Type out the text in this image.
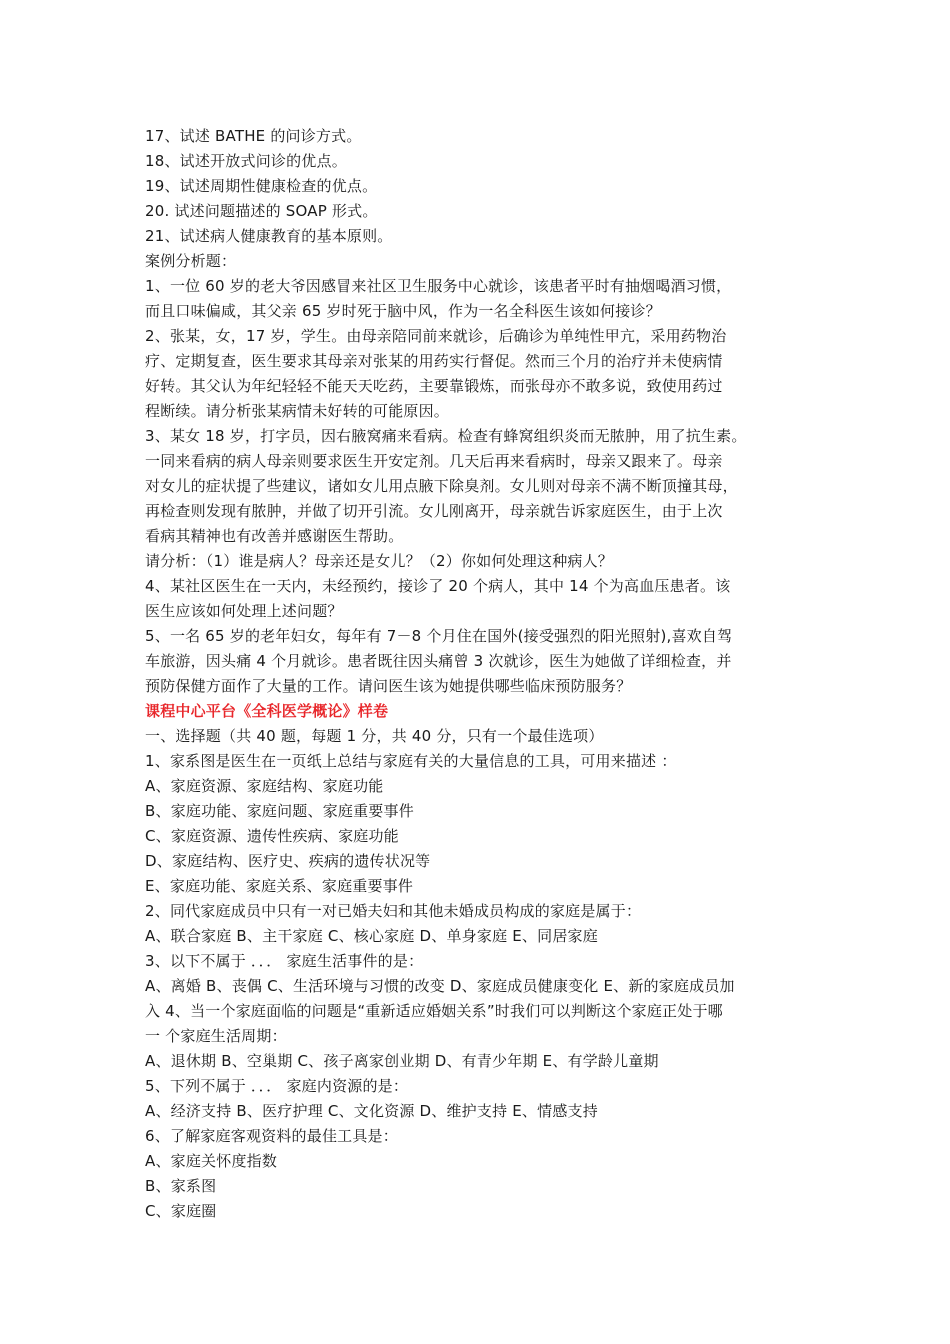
17、试述 BATHE 的问诊方式。
18、试述开放式问诊的优点。
19、试述周期性健康检查的优点。
20. 试述问题描述的 SOAP 形式。
21、试述病人健康教育的基本原则。
案例分析题：
1、一位 60 岁的老大爷因感冒来社区卫生服务中心就诊，该患者平时有抽烟喝酒习惯，
而且口味偏咸，其父亲 65 岁时死于脑中风，作为一名全科医生该如何接诊？
2、张某，女，17 岁，学生。由母亲陪同前来就诊，后确诊为单纯性甲亢，采用药物治
疗、定期复查，医生要求其母亲对张某的用药实行督促。然而三个月的治疗并未使病情
好转。其父认为年纪轻轻不能天天吃药，主要靠锻炼，而张母亦不敢多说，致使用药过
程断续。请分析张某病情未好转的可能原因。
3、某女 18 岁，打字员，因右腋窝痛来看病。检查有蜂窝组织炎而无脓肿，用了抗生素。
一同来看病的病人母亲则要求医生开安定剂。几天后再来看病时，母亲又跟来了。母亲
对女儿的症状提了些建议，诸如女儿用点腋下除臭剂。女儿则对母亲不满不断顶撞其母，
再检查则发现有脓肿，并做了切开引流。女儿刚离开，母亲就告诉家庭医生，由于上次
看病其精神也有改善并感谢医生帮助。
请分析：（1）谁是病人？母亲还是女儿？（2）你如何处理这种病人？
4、某社区医生在一天内，未经预约，接诊了 20 个病人，其中 14 个为高血压患者。该
医生应该如何处理上述问题？
5、一名 65 岁的老年妇女，每年有 7－8 个月住在国外(接受强烈的阳光照射),喜欢自驾
车旅游，因头痛 4 个月就诊。患者既往因头痛曾 3 次就诊，医生为她做了详细检查，并
预防保健方面作了大量的工作。请问医生该为她提供哪些临床预防服务？
课程中心平台《全科医学概论》样卷
一、选择题（共 40 题，每题 1 分，共 40 分，只有一个最佳选项）
1、家系图是医生在一页纸上总结与家庭有关的大量信息的工具，可用来描述 ：
A、家庭资源、家庭结构、家庭功能
B、家庭功能、家庭问题、家庭重要事件
C、家庭资源、遗传性疾病、家庭功能
D、家庭结构、医疗史、疾病的遗传状况等
E、家庭功能、家庭关系、家庭重要事件
2、同代家庭成员中只有一对已婚夫妇和其他未婚成员构成的家庭是属于：
A、联合家庭 B、主干家庭 C、核心家庭 D、单身家庭 E、同居家庭
3、以下不属于 ．．． 家庭生活事件的是：
A、离婚 B、丧偶 C、生活环境与习惯的改变 D、家庭成员健康变化 E、新的家庭成员加
入 4、当一个家庭面临的问题是“重新适应婚姻关系”时我们可以判断这个家庭正处于哪
一 个家庭生活周期：
A、退休期 B、空巢期 C、孩子离家创业期 D、有青少年期 E、有学龄儿童期
5、下列不属于 ．．． 家庭内资源的是：
A、经济支持 B、医疗护理 C、文化资源 D、维护支持 E、情感支持
6、了解家庭客观资料的最佳工具是：
A、家庭关怀度指数
B、家系图
C、家庭圈
